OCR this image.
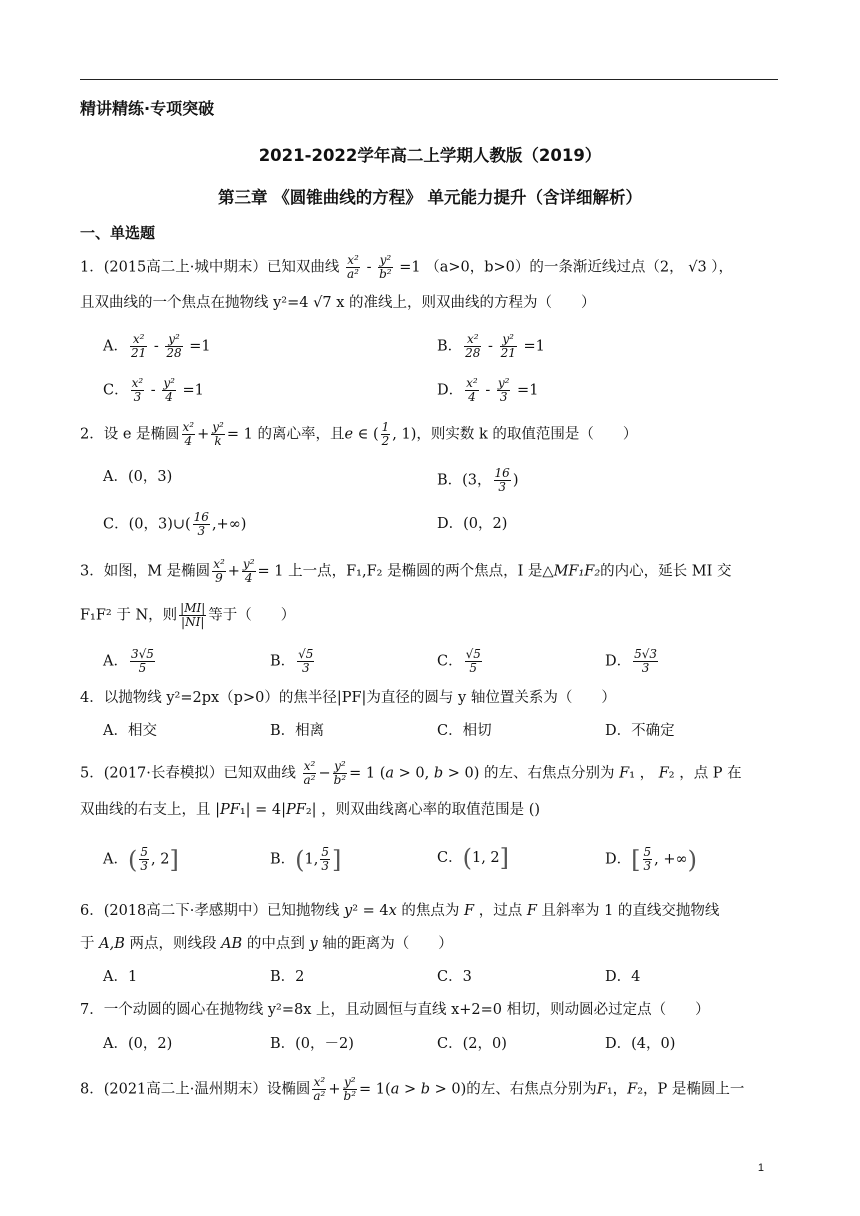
精讲精练·专项突破
2021-2022学年高二上学期人教版（2019）
第三章 《圆锥曲线的方程》 单元能力提升（含详细解析）
一、单选题
1．(2015高二上·城中期末）已知双曲线 $\frac{\text{x²}}{\text{a²}} - \frac{\text{y²}}{\text{b²}} =1$ （a>0，b>0）的一条渐近线过点（2， √3 ），
且双曲线的一个焦点在抛物线 y²=4 √7 x 的准线上，则双曲线的方程为（　　）
A． $\frac{\text{x²}}{21} - \frac{\text{y²}}{28} =1$	B． $\frac{\text{x²}}{28} - \frac{\text{y²}}{21} =1$
C． $\frac{\text{x²}}{3} - \frac{\text{y²}}{4} =1$	D． $\frac{\text{x²}}{4} - \frac{\text{y²}}{3} =1$
2．设 e 是椭圆 $\frac{\text{x²}}{4} + \frac{\text{y²}}{k} = 1$ 的离心率，且e ∈ ( $\frac{1}{2}$ , 1)，则实数 k 的取值范围是（　　）
A．(0，3)	B．(3， $\frac{16}{3}$ )
C．(0，3)∪( $\frac{16}{3}$ ,+∞)	D．(0，2)
3．如图，M 是椭圆 $\frac{\text{x²}}{9} + \frac{\text{y²}}{4} = 1$ 上一点，F₁,F₂ 是椭圆的两个焦点，I 是△MF₁F₂的内心，延长 MI 交
F₁F² 于 N，则 $\frac{|MI|}{|NI|}$ 等于（　　）
A． $\frac{3√5}{5}$	B． $\frac{√5}{3}$	C． $\frac{√5}{5}$	D． $\frac{5√3}{3}$
4．以抛物线 y²=2px（p>0）的焦半径|PF|为直径的圆与 y 轴位置关系为（　　）
A．相交	B．相离	C．相切	D．不确定
5．(2017·长春模拟）已知双曲线 $\frac{\text{x²}}{\text{a²}} - \frac{\text{y²}}{\text{b²}} = 1$ (a > 0, b > 0) 的左、右焦点分别为 F₁ ， F₂ ，点 P 在
双曲线的右支上，且 |PF₁| = 4|PF₂| ，则双曲线离心率的取值范围是 ()
A．( $\frac{5}{3}$ , 2]	B．(1, $\frac{5}{3}$ ]	C．(1, 2]	D．[ $\frac{5}{3}$ , +∞)
6．(2018高二下·孝感期中）已知抛物线 y² = 4x 的焦点为 F ，过点 F 且斜率为 1 的直线交抛物线
于 A,B 两点，则线段 AB 的中点到 y 轴的距离为（　　）
A．1	B．2	C．3	D．4
7．一个动圆的圆心在抛物线 y²=8x 上，且动圆恒与直线 x+2=0 相切，则动圆必过定点（　　）
A．(0，2)	B．(0，－2)	C．(2，0)	D．(4，0)
8．(2021高二上·温州期末）设椭圆 $\frac{\text{x²}}{\text{a²}} + \frac{\text{y²}}{\text{b²}} = 1(a > b > 0)$的左、右焦点分别为F₁，F₂，P 是椭圆上一
1
